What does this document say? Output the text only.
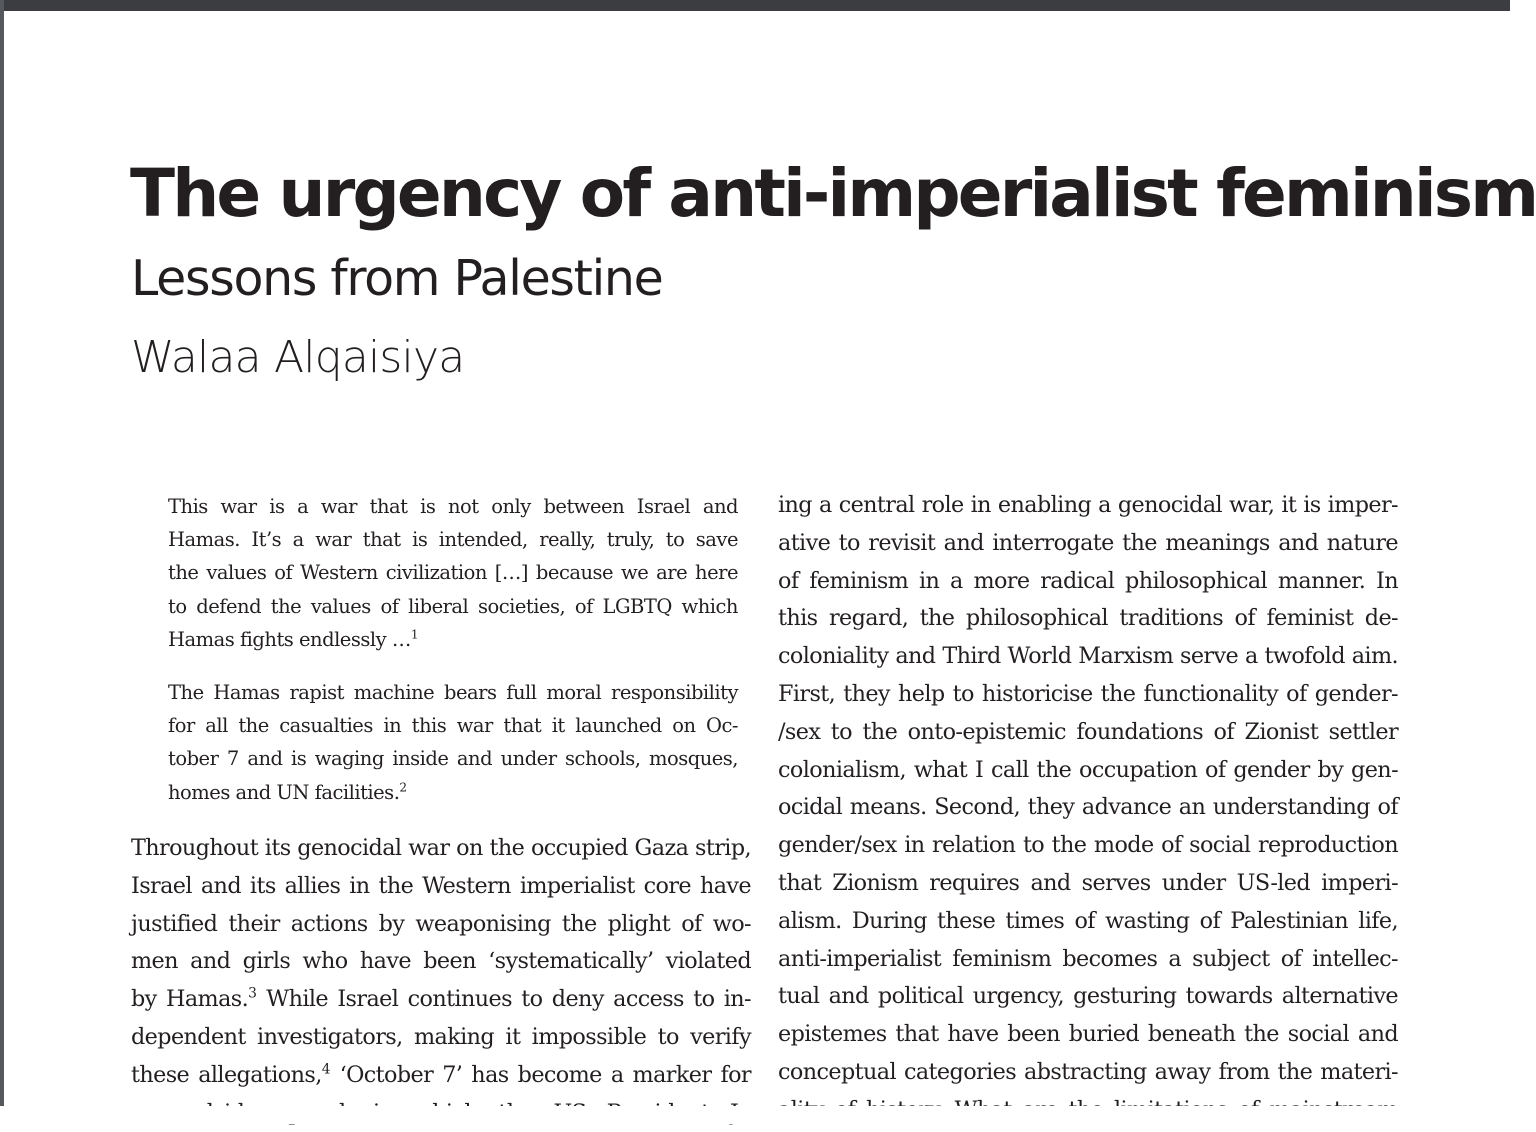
The urgency of anti-imperialist feminism
Lessons from Palestine
Walaa Alqaisiya
This war is a war that is not only between Israel and
Hamas. It’s a war that is intended, really, truly, to save
the values of Western civilization […] because we are here
to defend the values of liberal societies, of LGBTQ which
Hamas fights endlessly …$^1$
The Hamas rapist machine bears full moral responsibility
for all the casualties in this war that it launched on Oc-
tober 7 and is waging inside and under schools, mosques,
homes and UN facilities.$^2$
Throughout its genocidal war on the occupied Gaza strip,
Israel and its allies in the Western imperialist core have
justified their actions by weaponising the plight of wo-
men and girls who have been ‘systematically’ violated
by Hamas.$^3$ While Israel continues to deny access to in-
dependent investigators, making it impossible to verify
these allegations,$^4$ ‘October 7’ has become a marker for
ing a central role in enabling a genocidal war, it is imper-
ative to revisit and interrogate the meanings and nature
of feminism in a more radical philosophical manner. In
this regard, the philosophical traditions of feminist de-
coloniality and Third World Marxism serve a twofold aim.
First, they help to historicise the functionality of gender-
/sex to the onto-epistemic foundations of Zionist settler
colonialism, what I call the occupation of gender by gen-
ocidal means. Second, they advance an understanding of
gender/sex in relation to the mode of social reproduction
that Zionism requires and serves under US-led imperi-
alism. During these times of wasting of Palestinian life,
anti-imperialist feminism becomes a subject of intellec-
tual and political urgency, gesturing towards alternative
epistemes that have been buried beneath the social and
conceptual categories abstracting away from the materi-
